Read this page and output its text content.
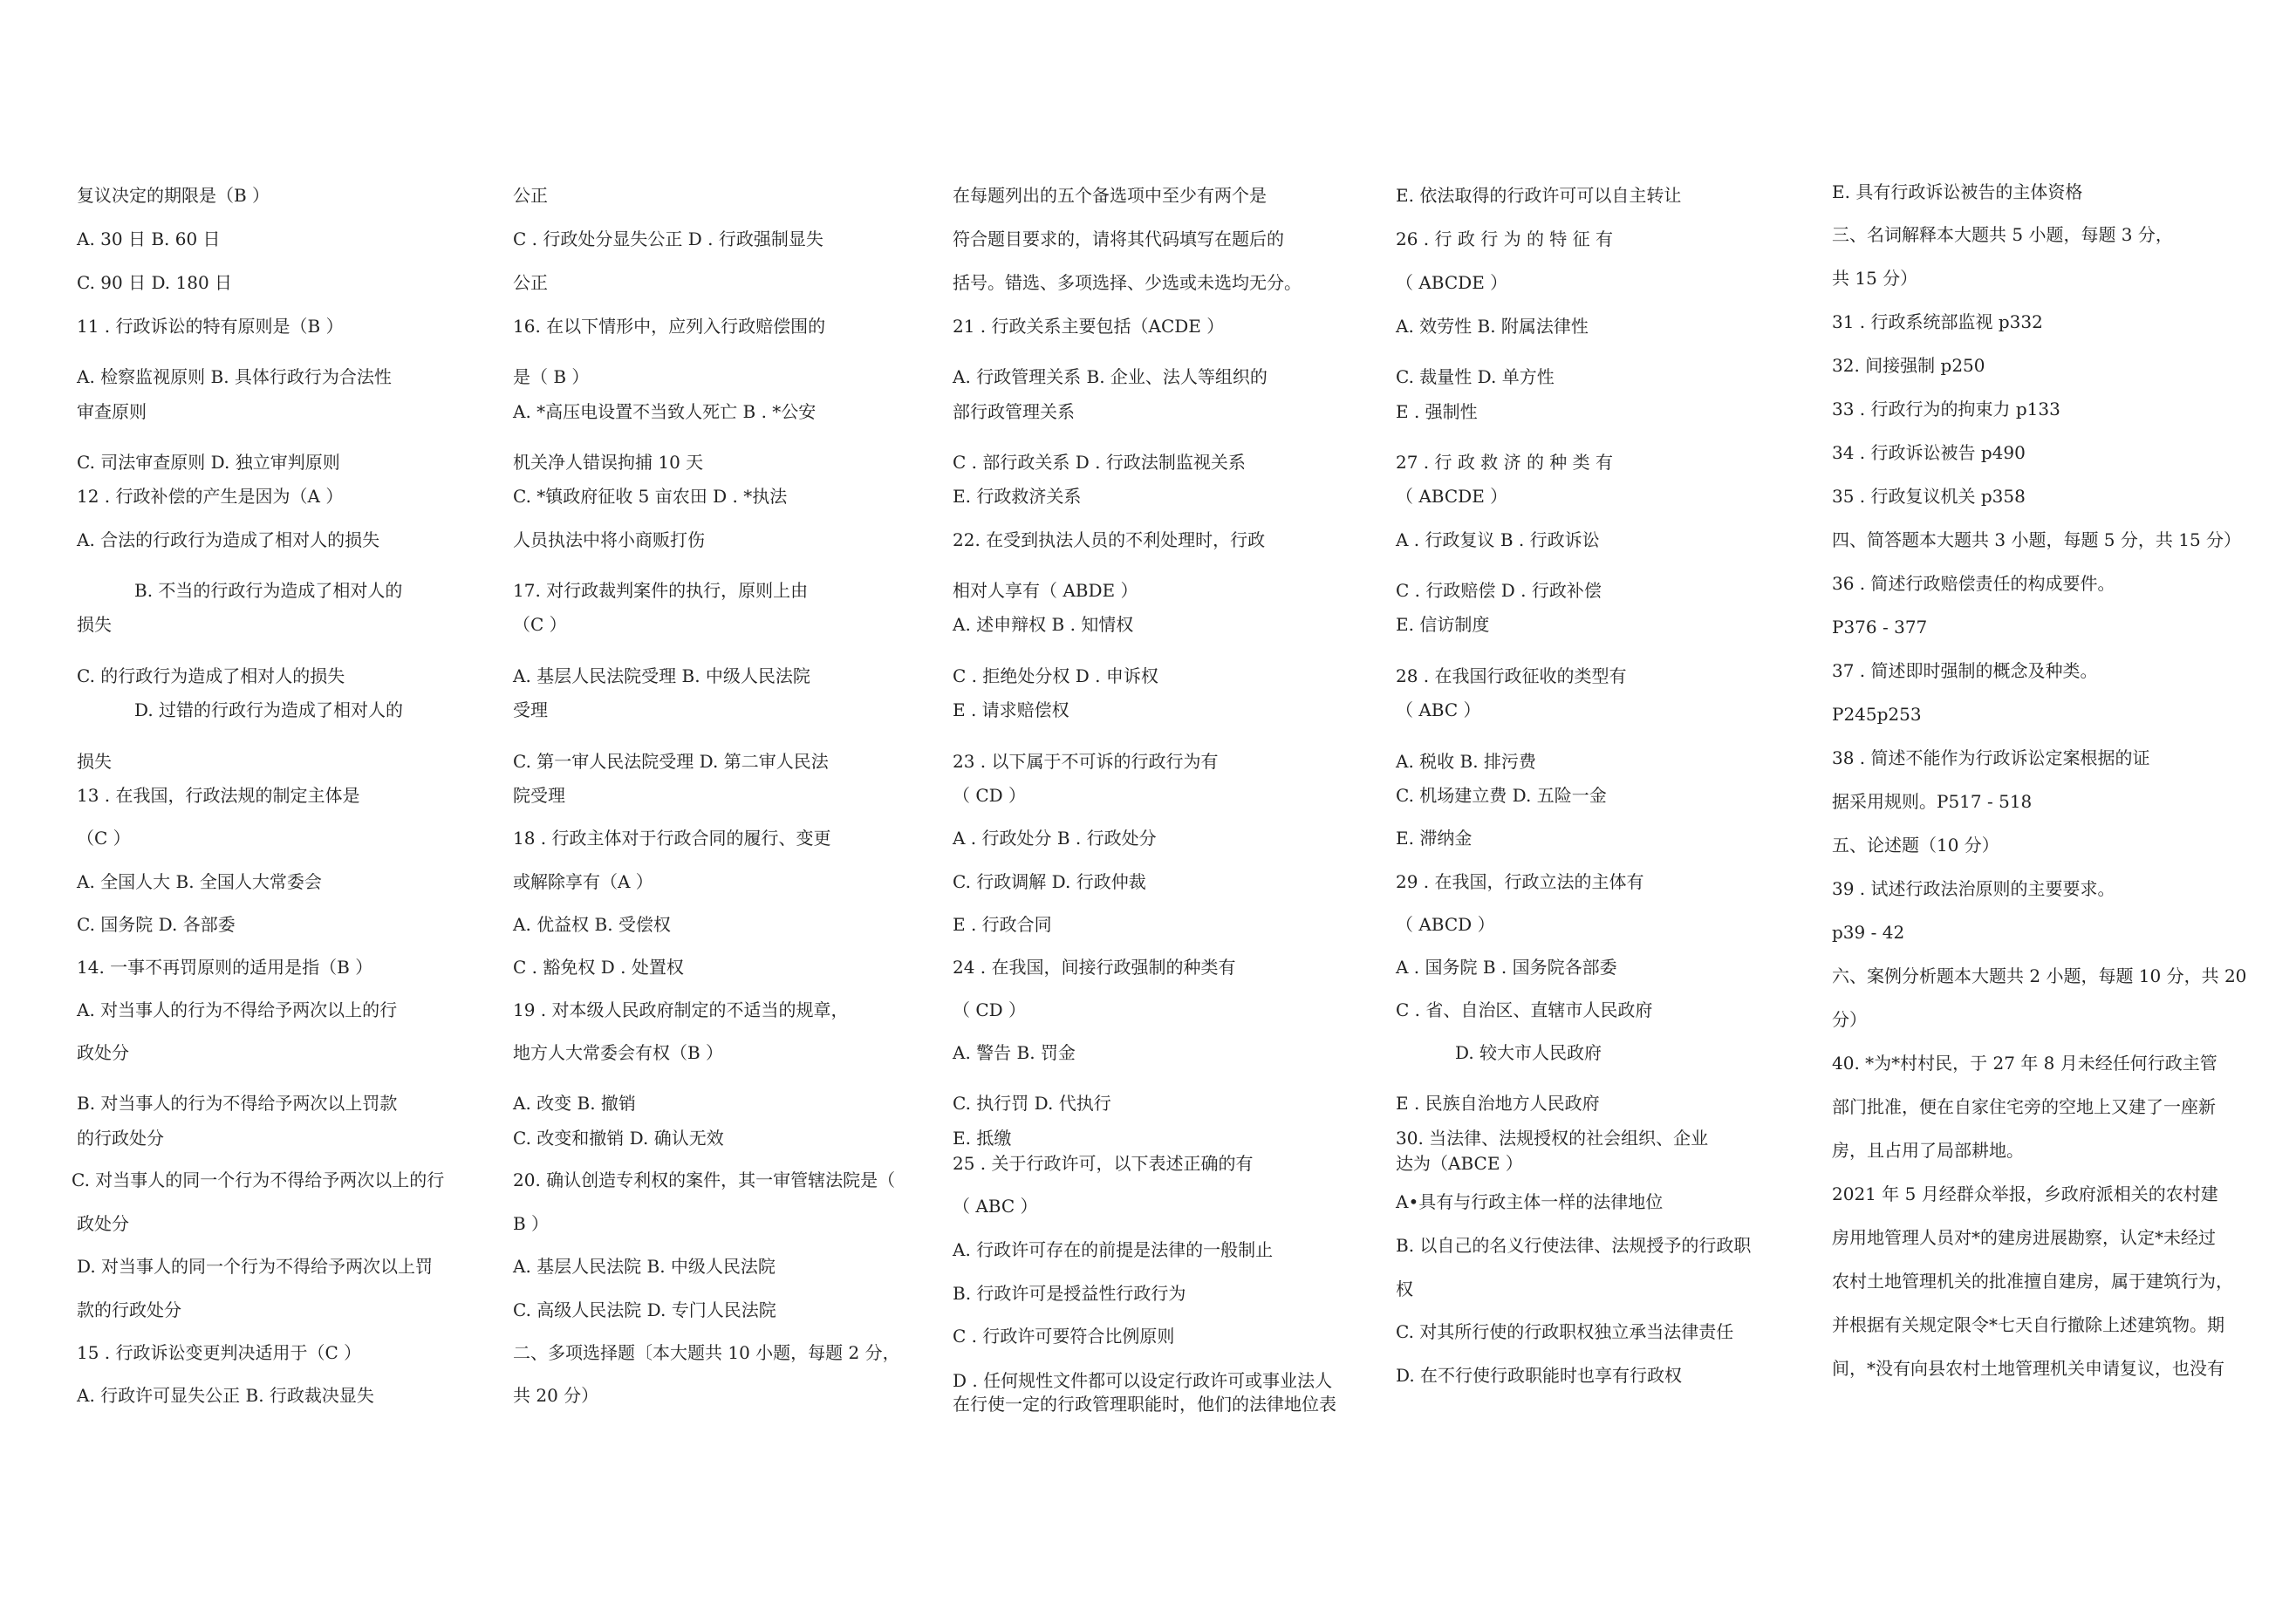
复议决定的期限是（B ）
A. 30 日 B. 60 日
C. 90 日 D. 180 日
11 . 行政诉讼的特有原则是（B ）
A. 检察监视原则 B. 具体行政行为合法性
审查原则
C. 司法审查原则 D. 独立审判原则
12 . 行政补偿的产生是因为（A ）
A. 合法的行政行为造成了相对人的损失
B. 不当的行政行为造成了相对人的
损失
C. 的行政行为造成了相对人的损失
D. 过错的行政行为造成了相对人的
损失
13 . 在我国，行政法规的制定主体是
（C ）
A. 全国人大 B. 全国人大常委会
C. 国务院 D. 各部委
14. 一事不再罚原则的适用是指（B ）
A. 对当事人的行为不得给予两次以上的行
政处分
B. 对当事人的行为不得给予两次以上罚款
的行政处分
C. 对当事人的同一个行为不得给予两次以上的行
政处分
D. 对当事人的同一个行为不得给予两次以上罚
款的行政处分
15 . 行政诉讼变更判决适用于（C ）
A. 行政许可显失公正 B. 行政裁决显失
公正
C . 行政处分显失公正 D . 行政强制显失
公正
16. 在以下情形中，应列入行政赔偿围的
是（ B ）
A. *高压电设置不当致人死亡 B . *公安
机关净人错误拘捕 10 天
C. *镇政府征收 5 亩农田 D . *执法
人员执法中将小商贩打伤
17. 对行政裁判案件的执行，原则上由
（C ）
A. 基层人民法院受理 B. 中级人民法院
受理
C. 第一审人民法院受理 D. 第二审人民法
院受理
18 . 行政主体对于行政合同的履行、变更
或解除享有（A ）
A. 优益权 B. 受偿权
C . 豁免权 D . 处置权
19 . 对本级人民政府制定的不适当的规章，
地方人大常委会有权（B ）
A. 改变 B. 撤销
C. 改变和撤销 D. 确认无效
20. 确认创造专利权的案件，其一审管辖法院是（
B ）
A. 基层人民法院 B. 中级人民法院
C. 高级人民法院 D. 专门人民法院
二、多项选择题〔本大题共 10 小题，每题 2 分，
共 20 分）
在每题列出的五个备选项中至少有两个是
符合题目要求的，请将其代码填写在题后的
括号。错选、多项选择、少选或未选均无分。
21 . 行政关系主要包括（ACDE ）
A. 行政管理关系 B. 企业、法人等组织的
部行政管理关系
C . 部行政关系 D . 行政法制监视关系
E. 行政救济关系
22. 在受到执法人员的不利处理时，行政
相对人享有（ ABDE ）
A. 述申辩权 B . 知情权
C . 拒绝处分权 D . 申诉权
E . 请求赔偿权
23 . 以下属于不可诉的行政行为有
（ CD ）
A . 行政处分 B . 行政处分
C. 行政调解 D. 行政仲裁
E . 行政合同
24 . 在我国，间接行政强制的种类有
（ CD ）
A. 警告 B. 罚金
C. 执行罚 D. 代执行
E. 抵缴
25 . 关于行政许可，以下表述正确的有
（ ABC ）
A. 行政许可存在的前提是法律的一般制止
B. 行政许可是授益性行政行为
C . 行政许可要符合比例原则
D . 任何规性文件都可以设定行政许可或事业法人
在行使一定的行政管理职能时，他们的法律地位表
E. 依法取得的行政许可可以自主转让
26 . 行 政 行 为 的 特 征 有
（ ABCDE ）
A. 效劳性 B. 附属法律性
C. 裁量性 D. 单方性
E . 强制性
27 . 行 政 救 济 的 种 类 有
（ ABCDE ）
A . 行政复议 B . 行政诉讼
C . 行政赔偿 D . 行政补偿
E. 信访制度
28 . 在我国行政征收的类型有
（ ABC ）
A. 税收 B. 排污费
C. 机场建立费 D. 五险一金
E. 滞纳金
29 . 在我国，行政立法的主体有
（ ABCD ）
A . 国务院 B . 国务院各部委
C . 省、自治区、直辖市人民政府
D. 较大市人民政府
E . 民族自治地方人民政府
30. 当法律、法规授权的社会组织、企业
达为（ABCE ）
A•具有与行政主体一样的法律地位
B. 以自己的名义行使法律、法规授予的行政职
权
C. 对其所行使的行政职权独立承当法律责任
D. 在不行使行政职能时也享有行政权
E. 具有行政诉讼被告的主体资格
三、名词解释本大题共 5 小题，每题 3 分，
共 15 分）
31 . 行政系统部监视 p332
32. 间接强制 p250
33 . 行政行为的拘束力 p133
34 . 行政诉讼被告 p490
35 . 行政复议机关 p358
四、简答题本大题共 3 小题，每题 5 分，共 15 分）
36 . 简述行政赔偿责任的构成要件。
P376 - 377
37 . 简述即时强制的概念及种类。
P245p253
38 . 简述不能作为行政诉讼定案根据的证
据采用规则。P517 - 518
五、论述题（10 分）
39 . 试述行政法治原则的主要要求。
p39 - 42
六、案例分析题本大题共 2 小题，每题 10 分，共 20
分）
40. *为*村村民，于 27 年 8 月未经任何行政主管
部门批准，便在自家住宅旁的空地上又建了一座新
房，且占用了局部耕地。
2021 年 5 月经群众举报，乡政府派相关的农村建
房用地管理人员对*的建房进展勘察，认定*未经过
农村土地管理机关的批准擅自建房，属于建筑行为，
并根据有关规定限令*七天自行撤除上述建筑物。期
间，*没有向县农村土地管理机关申请复议，也没有
